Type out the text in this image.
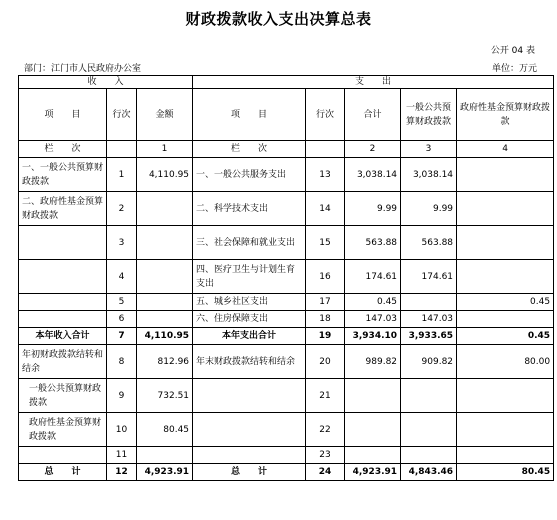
财政拨款收入支出决算总表
公开 04 表
部门：江门市人民政府办公室	单位：万元
收　　入			支　　出				
项　　目	行次	金额	项　　目	行次	合计	一般公共预算财政拨款	政府性基金预算财政拨款
栏　　次		1	栏　　次		2	3	4
一、一般公共预算财政拨款	1	4,110.95	一、一般公共服务支出	13	3,038.14	3,038.14	
二、政府性基金预算财政拨款	2		二、科学技术支出	14	9.99	9.99	
	3		三、社会保障和就业支出	15	563.88	563.88	
	4		四、医疗卫生与计划生育支出	16	174.61	174.61	
	5		五、城乡社区支出	17	0.45		0.45
	6		六、住房保障支出	18	147.03	147.03	
本年收入合计	7	4,110.95	本年支出合计	19	3,934.10	3,933.65	0.45
年初财政拨款结转和结余	8	812.96	年末财政拨款结转和结余	20	989.82	909.82	80.00
一般公共预算财政拨款	9	732.51		21			
政府性基金预算财政拨款	10	80.45		22			
	11			23			
总　　计	12	4,923.91	总　　计	24	4,923.91	4,843.46	80.45
